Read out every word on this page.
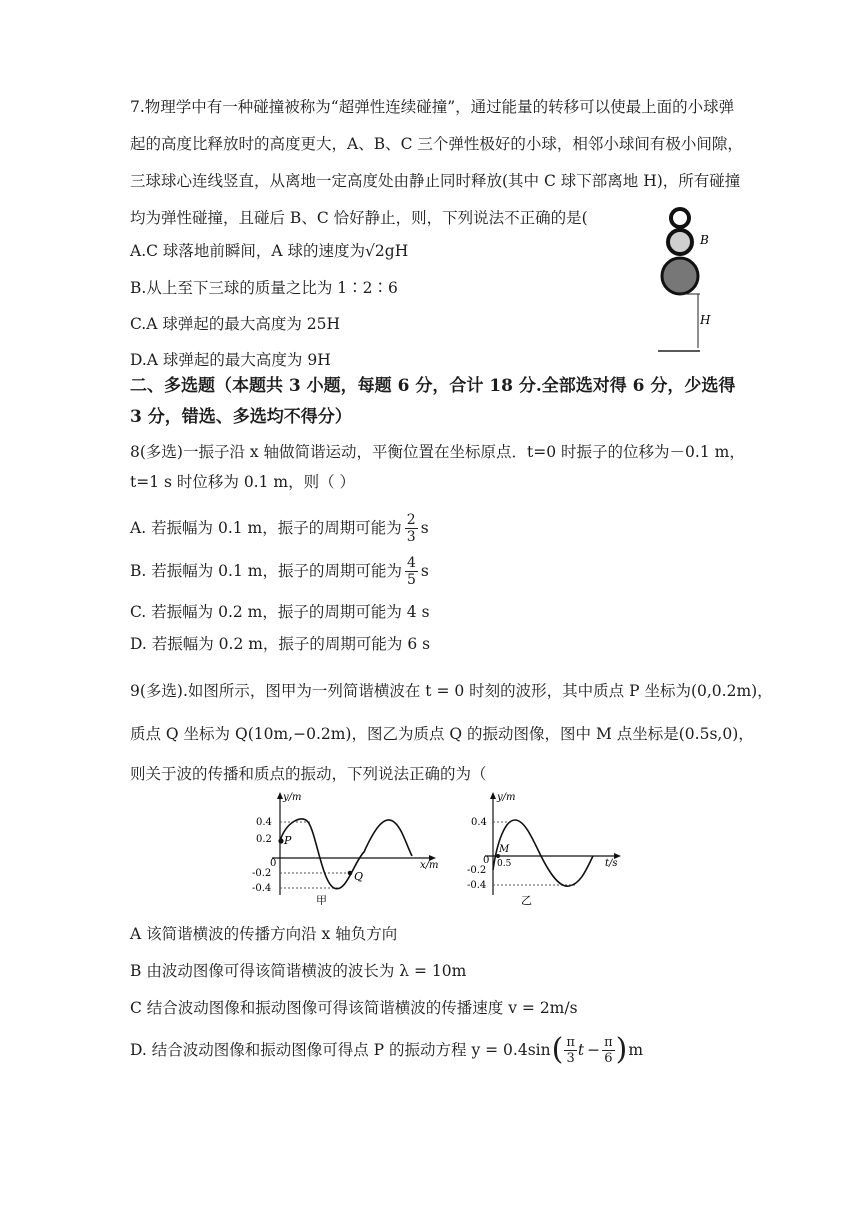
7.物理学中有一种碰撞被称为“超弹性连续碰撞”，通过能量的转移可以使最上面的小球弹
起的高度比释放时的高度更大，A、B、C 三个弹性极好的小球，相邻小球间有极小间隙，
三球球心连线竖直，从离地一定高度处由静止同时释放(其中 C 球下部离地 H)，所有碰撞
均为弹性碰撞，且碰后 B、C 恰好静止，则，下列说法不正确的是(
A.C 球落地前瞬间，A 球的速度为√2gH
B.从上至下三球的质量之比为 1∶2∶6
C.A 球弹起的最大高度为 25H
D.A 球弹起的最大高度为 9H
B
H
二、多选题（本题共 3 小题，每题 6 分，合计 18 分.全部选对得 6 分，少选得
3 分，错选、多选均不得分）
8(多选)一振子沿 x 轴做简谐运动，平衡位置在坐标原点．t=0 时振子的位移为－0.1 m，
t=1 s 时位移为 0.1 m，则（ ）
A. 若振幅为 0.1 m，振子的周期可能为 $\frac{2}{3}$ s
B. 若振幅为 0.1 m，振子的周期可能为 $\frac{4}{5}$ s
C. 若振幅为 0.2 m，振子的周期可能为 4 s
D. 若振幅为 0.2 m，振子的周期可能为 6 s
9(多选).如图所示，图甲为一列简谐横波在 t = 0 时刻的波形，其中质点 P 坐标为(0,0.2m)，
质点 Q 坐标为 Q(10m,−0.2m)，图乙为质点 Q 的振动图像，图中 M 点坐标是(0.5s,0)，
则关于波的传播和质点的振动，下列说法正确的为（
y/m
x/m
0.4
0.2
0
-0.2
-0.4
P
Q
甲
y/m
t/s
0.4
0
-0.2
-0.4
M
0.5
乙
A 该简谐横波的传播方向沿 x 轴负方向
B 由波动图像可得该简谐横波的波长为 λ = 10m
C 结合波动图像和振动图像可得该简谐横波的传播速度 v = 2m/s
D. 结合波动图像和振动图像可得点 P 的振动方程 y = 0.4sin ( $\frac{\pi}{3}$ $t - \frac{\pi}{6}$ ) m
